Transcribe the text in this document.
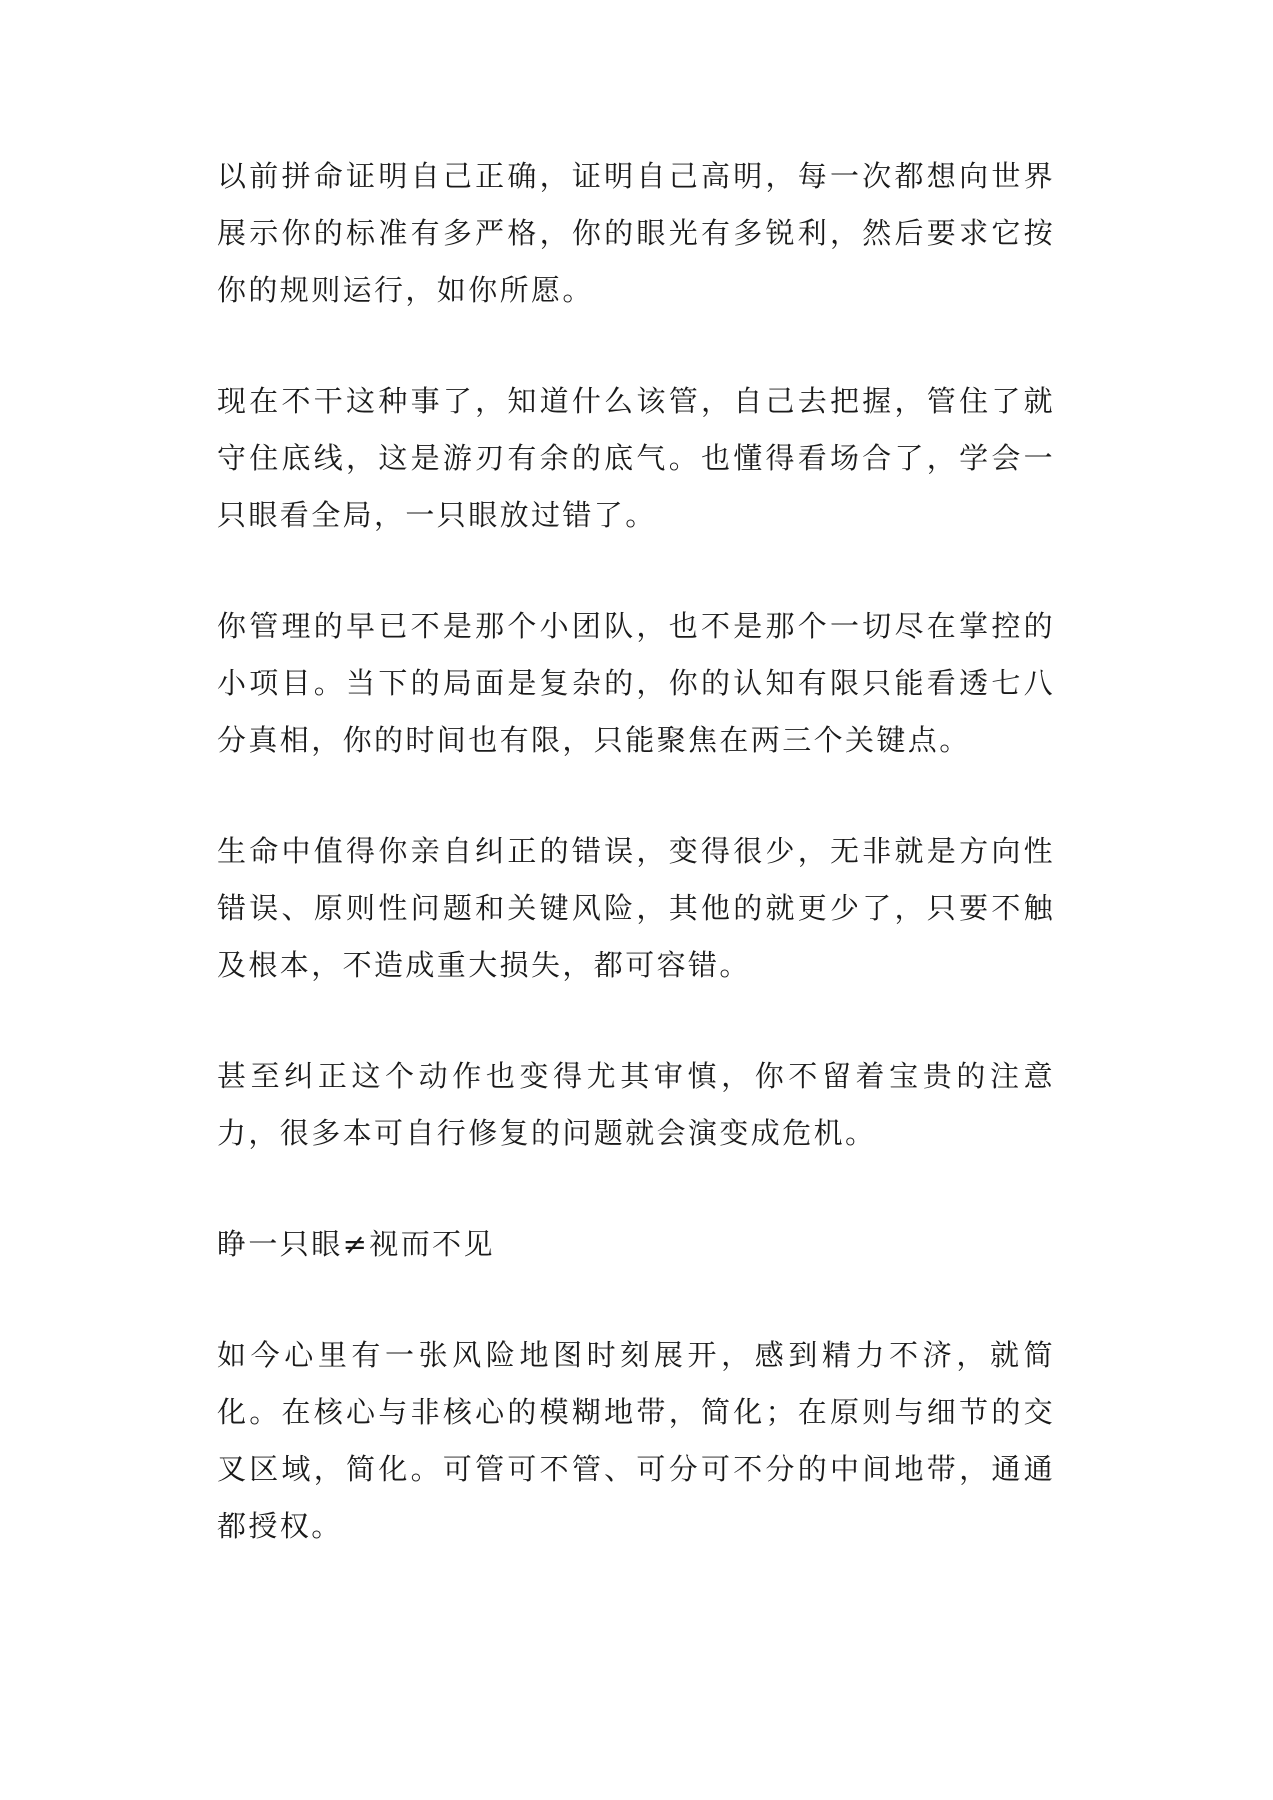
以前拼命证明自己正确，证明自己高明，每一次都想向世界展示你的标准有多严格，你的眼光有多锐利，然后要求它按你的规则运行，如你所愿。

现在不干这种事了，知道什么该管，自己去把握，管住了就守住底线，这是游刃有余的底气。也懂得看场合了，学会一只眼看全局，一只眼放过错了。

你管理的早已不是那个小团队，也不是那个一切尽在掌控的小项目。当下的局面是复杂的，你的认知有限只能看透七八分真相，你的时间也有限，只能聚焦在两三个关键点。

生命中值得你亲自纠正的错误，变得很少，无非就是方向性错误、原则性问题和关键风险，其他的就更少了，只要不触及根本，不造成重大损失，都可容错。

甚至纠正这个动作也变得尤其审慎，你不留着宝贵的注意力，很多本可自行修复的问题就会演变成危机。

睁一只眼≠视而不见

如今心里有一张风险地图时刻展开，感到精力不济，就简化。在核心与非核心的模糊地带，简化；在原则与细节的交叉区域，简化。可管可不管、可分可不分的中间地带，通通都授权。
